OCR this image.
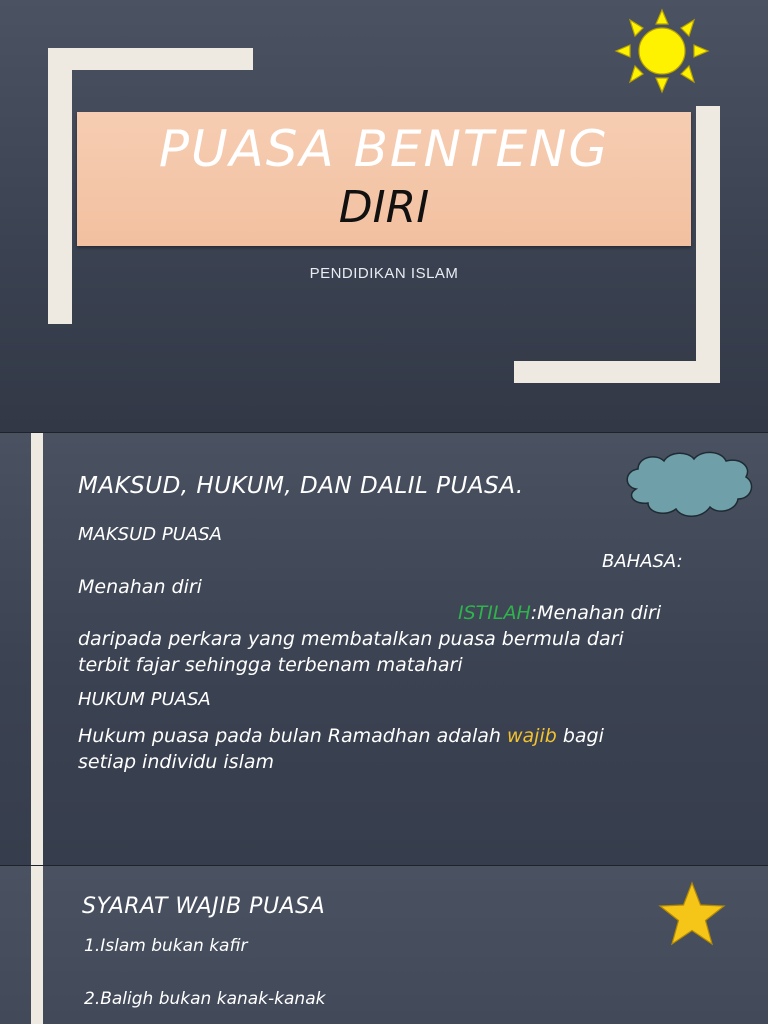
PUASA BENTENG
DIRI
PENDIDIKAN ISLAM
MAKSUD, HUKUM, DAN DALIL PUASA.
MAKSUD PUASA
BAHASA:
Menahan diri
ISTILAH:Menahan diri
daripada perkara yang membatalkan puasa bermula dari
terbit fajar sehingga terbenam matahari
HUKUM PUASA
Hukum puasa pada bulan Ramadhan adalah wajib bagi
setiap individu islam
SYARAT WAJIB PUASA
1.Islam bukan kafir
2.Baligh bukan kanak-kanak
